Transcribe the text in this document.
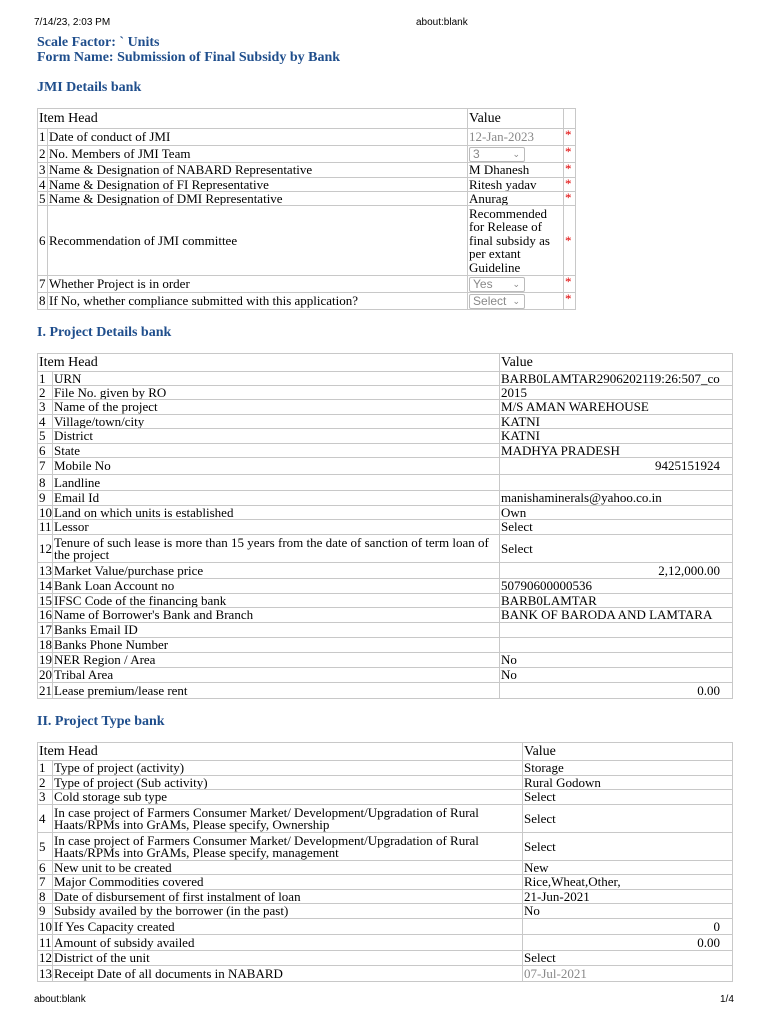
7/14/23, 2:03 PM	about:blank
Scale Factor: ` Units
Form Name: Submission of Final Subsidy by Bank
JMI Details bank
Item Head		Value	
1	Date of conduct of JMI	12-Jan-2023	*
2	No. Members of JMI Team	3 ⌄	*
3	Name & Designation of NABARD Representative	M Dhanesh	*
4	Name & Designation of FI Representative	Ritesh yadav	*
5	Name & Designation of DMI Representative	Anurag	*
6	Recommendation of JMI committee	Recommended for Release of final subsidy as per extant Guideline	*
7	Whether Project is in order	Yes ⌄	*
8	If No, whether compliance submitted with this application?	Select ⌄	*
I. Project Details bank
Item Head		Value
1	URN	BARB0LAMTAR2906202119:26:507_co
2	File No. given by RO	2015
3	Name of the project	M/S AMAN WAREHOUSE
4	Village/town/city	KATNI
5	District	KATNI
6	State	MADHYA PRADESH
7	Mobile No	9425151924
8	Landline	
9	Email Id	manishaminerals@yahoo.co.in
10	Land on which units is established	Own
11	Lessor	Select
12	Tenure of such lease is more than 15 years from the date of sanction of term loan of the project	Select
13	Market Value/purchase price	2,12,000.00
14	Bank Loan Account no	50790600000536
15	IFSC Code of the financing bank	BARB0LAMTAR
16	Name of Borrower's Bank and Branch	BANK OF BARODA AND LAMTARA
17	Banks Email ID	
18	Banks Phone Number	
19	NER Region / Area	No
20	Tribal Area	No
21	Lease premium/lease rent	0.00
II. Project Type bank
Item Head		Value
1	Type of project (activity)	Storage
2	Type of project (Sub activity)	Rural Godown
3	Cold storage sub type	Select
4	In case project of Farmers Consumer Market/ Development/Upgradation of Rural Haats/RPMs into GrAMs, Please specify, Ownership	Select
5	In case project of Farmers Consumer Market/ Development/Upgradation of Rural Haats/RPMs into GrAMs, Please specify, management	Select
6	New unit to be created	New
7	Major Commodities covered	Rice,Wheat,Other,
8	Date of disbursement of first instalment of loan	21-Jun-2021
9	Subsidy availed by the borrower (in the past)	No
10	If Yes Capacity created	0
11	Amount of subsidy availed	0.00
12	District of the unit	Select
13	Receipt Date of all documents in NABARD	07-Jul-2021
about:blank	1/4
